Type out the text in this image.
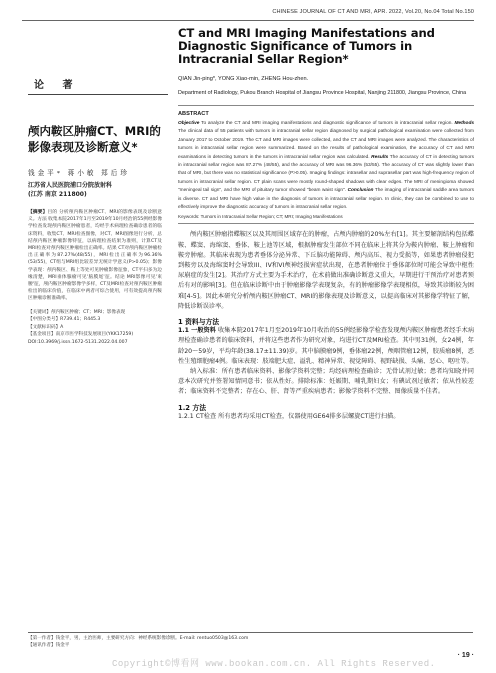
CHINESE JOURNAL OF CT AND MRI, APR. 2022, Vol.20, No.04 Total No.150
论 著
颅内鞍区肿瘤CT、MRI的影像表现及诊断意义*
钱金平* 蒋小敏 郑后珍
江苏省人民医院浦口分院放射科
(江苏 南京 211800)
【摘要】目的 分析颅内鞍区肿瘤CT、MRI的影像表现及诊断意义。方法 收集本院2017年1月至2019年10月经治的55例经影像学检查发现颅内鞍区肿瘤患者，均经手术病理检查确诊患者的临床资料，收集CT、MRI检查图像，对CT、MRI图像进行分析，总结颅内鞍区肿瘤影像特征，以病理检查结果为准则，计算CT及MRI检查对颅内鞍区肿瘤检出正确率。结果 CT对颅内鞍区肿瘤检出正确率为87.27%(48/55)，MRI检出正确率为96.36%(53/55)，CT组与MRI组比较差异无统计学意义(P>0.05)；影像学表现：颅内鞍区、鞍上等处可见肿瘤影像征象，CT平扫多为边缘清楚，MRI垂体腺瘤可见'脑膜尾'征。结论 MRI影像可见'束腰'征，颅内鞍区肿瘤影像学多样，CT及MRI检查对颅内鞍区肿瘤检出的临床价值，在临床中两者可综合使用，可有效提高颅内鞍区肿瘤诊断准确率。
【关键词】颅内鞍区肿瘤；CT；MRI；影像表现
【中图分类号】R739.41；R445.3
【文献标识码】A
【基金项目】南京市医学科技发展项目(YKK17259)
DOI:10.3969/j.issn.1672-5131.2022.04.007
CT and MRI Imaging Manifestations and Diagnostic Significance of Tumors in Intracranial Sellar Region*
QIAN Jin-ping*, YONG Xiao-min, ZHENG Hou-zhen.
Department of Radiology, Pukou Branch Hospital of Jiangsu Province Hospital, Nanjing 211800, Jiangsu Province, China
ABSTRACT
Objective To analyze the CT and MRI imaging manifestations and diagnostic significance of tumors in intracranial sellar region. Methods The clinical data of 55 patients with tumors in intracranial sellar region diagnosed by surgical pathological examination were collected from January 2017 to October 2019. The CT and MRI images were collected, and the CT and MRI images were analyzed. The characteristics of tumors in intracranial sellar region were summarized. Based on the results of pathological examination, the accuracy of CT and MRI examinations in detecting tumors in the tumors in intracranial sellar region was calculated. Results The accuracy of CT in detecting tumors in intracranial sellar region was 87.27% (48/55), and the accuracy of MRI was 96.36% (53/55). The accuracy of CT was slightly lower than that of MRI, but there was no statistical significance (P>0.05). Imaging findings: intrasellar and suprasellar part was high-frequency region of tumors in intracranial sellar region. CT plain scans were mostly round-shaped shadows with clear edges. The MRI of meningioma showed "meningeal tail sign", and the MRI of pituitary tumor showed "beam waist sign". Conclusion The imaging of intracranial saddle area tumors is diverse. CT and MRI have high value in the diagnosis of tumors in intracranial sellar region. In clinic, they can be combined to use to effectively improve the diagnostic accuracy of tumors in intracranial sellar region.
Keywords: Tumors in Intracranial Sellar Region; CT; MRI; Imaging Manifestations
颅内鞍区肿瘤指蝶鞍区以及其周围区域存在的肿瘤，占颅内肿瘤的20%左右[1]。其主要解剖结构包括蝶鞍、蝶窦、海绵窦、垂体、鞍上池等区域，根据肿瘤发生部位不同在临床上将其分为鞍内肿瘤、鞍上肿瘤和鞍旁肿瘤。其临床表现为患者垂体分泌异常、下丘脑功能障碍、颅内高压、视力受损等，如果患者肿瘤侵犯到鞍旁以及海绵窦时会导致III、IV和VI颅神经损害症状出现，在患者肿瘤位于垂体部位时可能会导致中枢性尿崩症的发生[2]。其治疗方式主要为手术治疗，在术前做出准确诊断意义重大，早期进行干预治疗对患者预后有对的影响[3]。但在临床诊断中由于肿瘤影像学表现复杂，有的肿瘤影像学表现相似，导致其诊断较为困难[4-5]。因此本研究分析颅内鞍区肿瘤CT、MRI的影像表现及诊断意义，以提高临床对其影像学特征了解，降低诊断误诊率。
1 资料与方法
1.1 一般资料 收集本院2017年1月至2019年10月收治的55例经影像学检查发现颅内鞍区肿瘤患者经手术病理检查确诊患者的临床资料，并将这些患者作为研究对象，均进行CT及MRI检查。其中男31例，女24例，年龄20～59岁，平均年龄(38.17±11.39)岁。其中脑膜瘤9例，垂体瘤22例，颅咽管瘤12例，胶质瘤8例，恶性生殖细胞瘤4例。临床表现：肢端肥大症、溢乳、精神异常、视觉障碍、视野缺损、头痛、恶心、呕吐等。
纳入标准：所有患者临床资料、影像学资料完整；均经病理检查确诊；无骨试剂过敏；患者均知晓并同意本次研究并签署知情同意书；依从性好。排除标准：妊娠期、哺乳期妇女；有碘试剂过敏者；依从性较差者；临床资料不完整者；存在心、肝、肾等严重疾病患者；影像学资料不完整、图像质量不佳者。
1.2 方法
1.2.1 CT检查 所有患者均采用CT检查，仪器使用GE64排多层螺旋CT进行扫描。
【第一作者】钱金平，男，主治医师，主要研究方向：神经系统影像诊断。E-mail: rentuo0503@163.com
【通讯作者】钱金平
· 19 ·
Copyright©博看网 www.bookan.com.cn. All Rights Reserved.
